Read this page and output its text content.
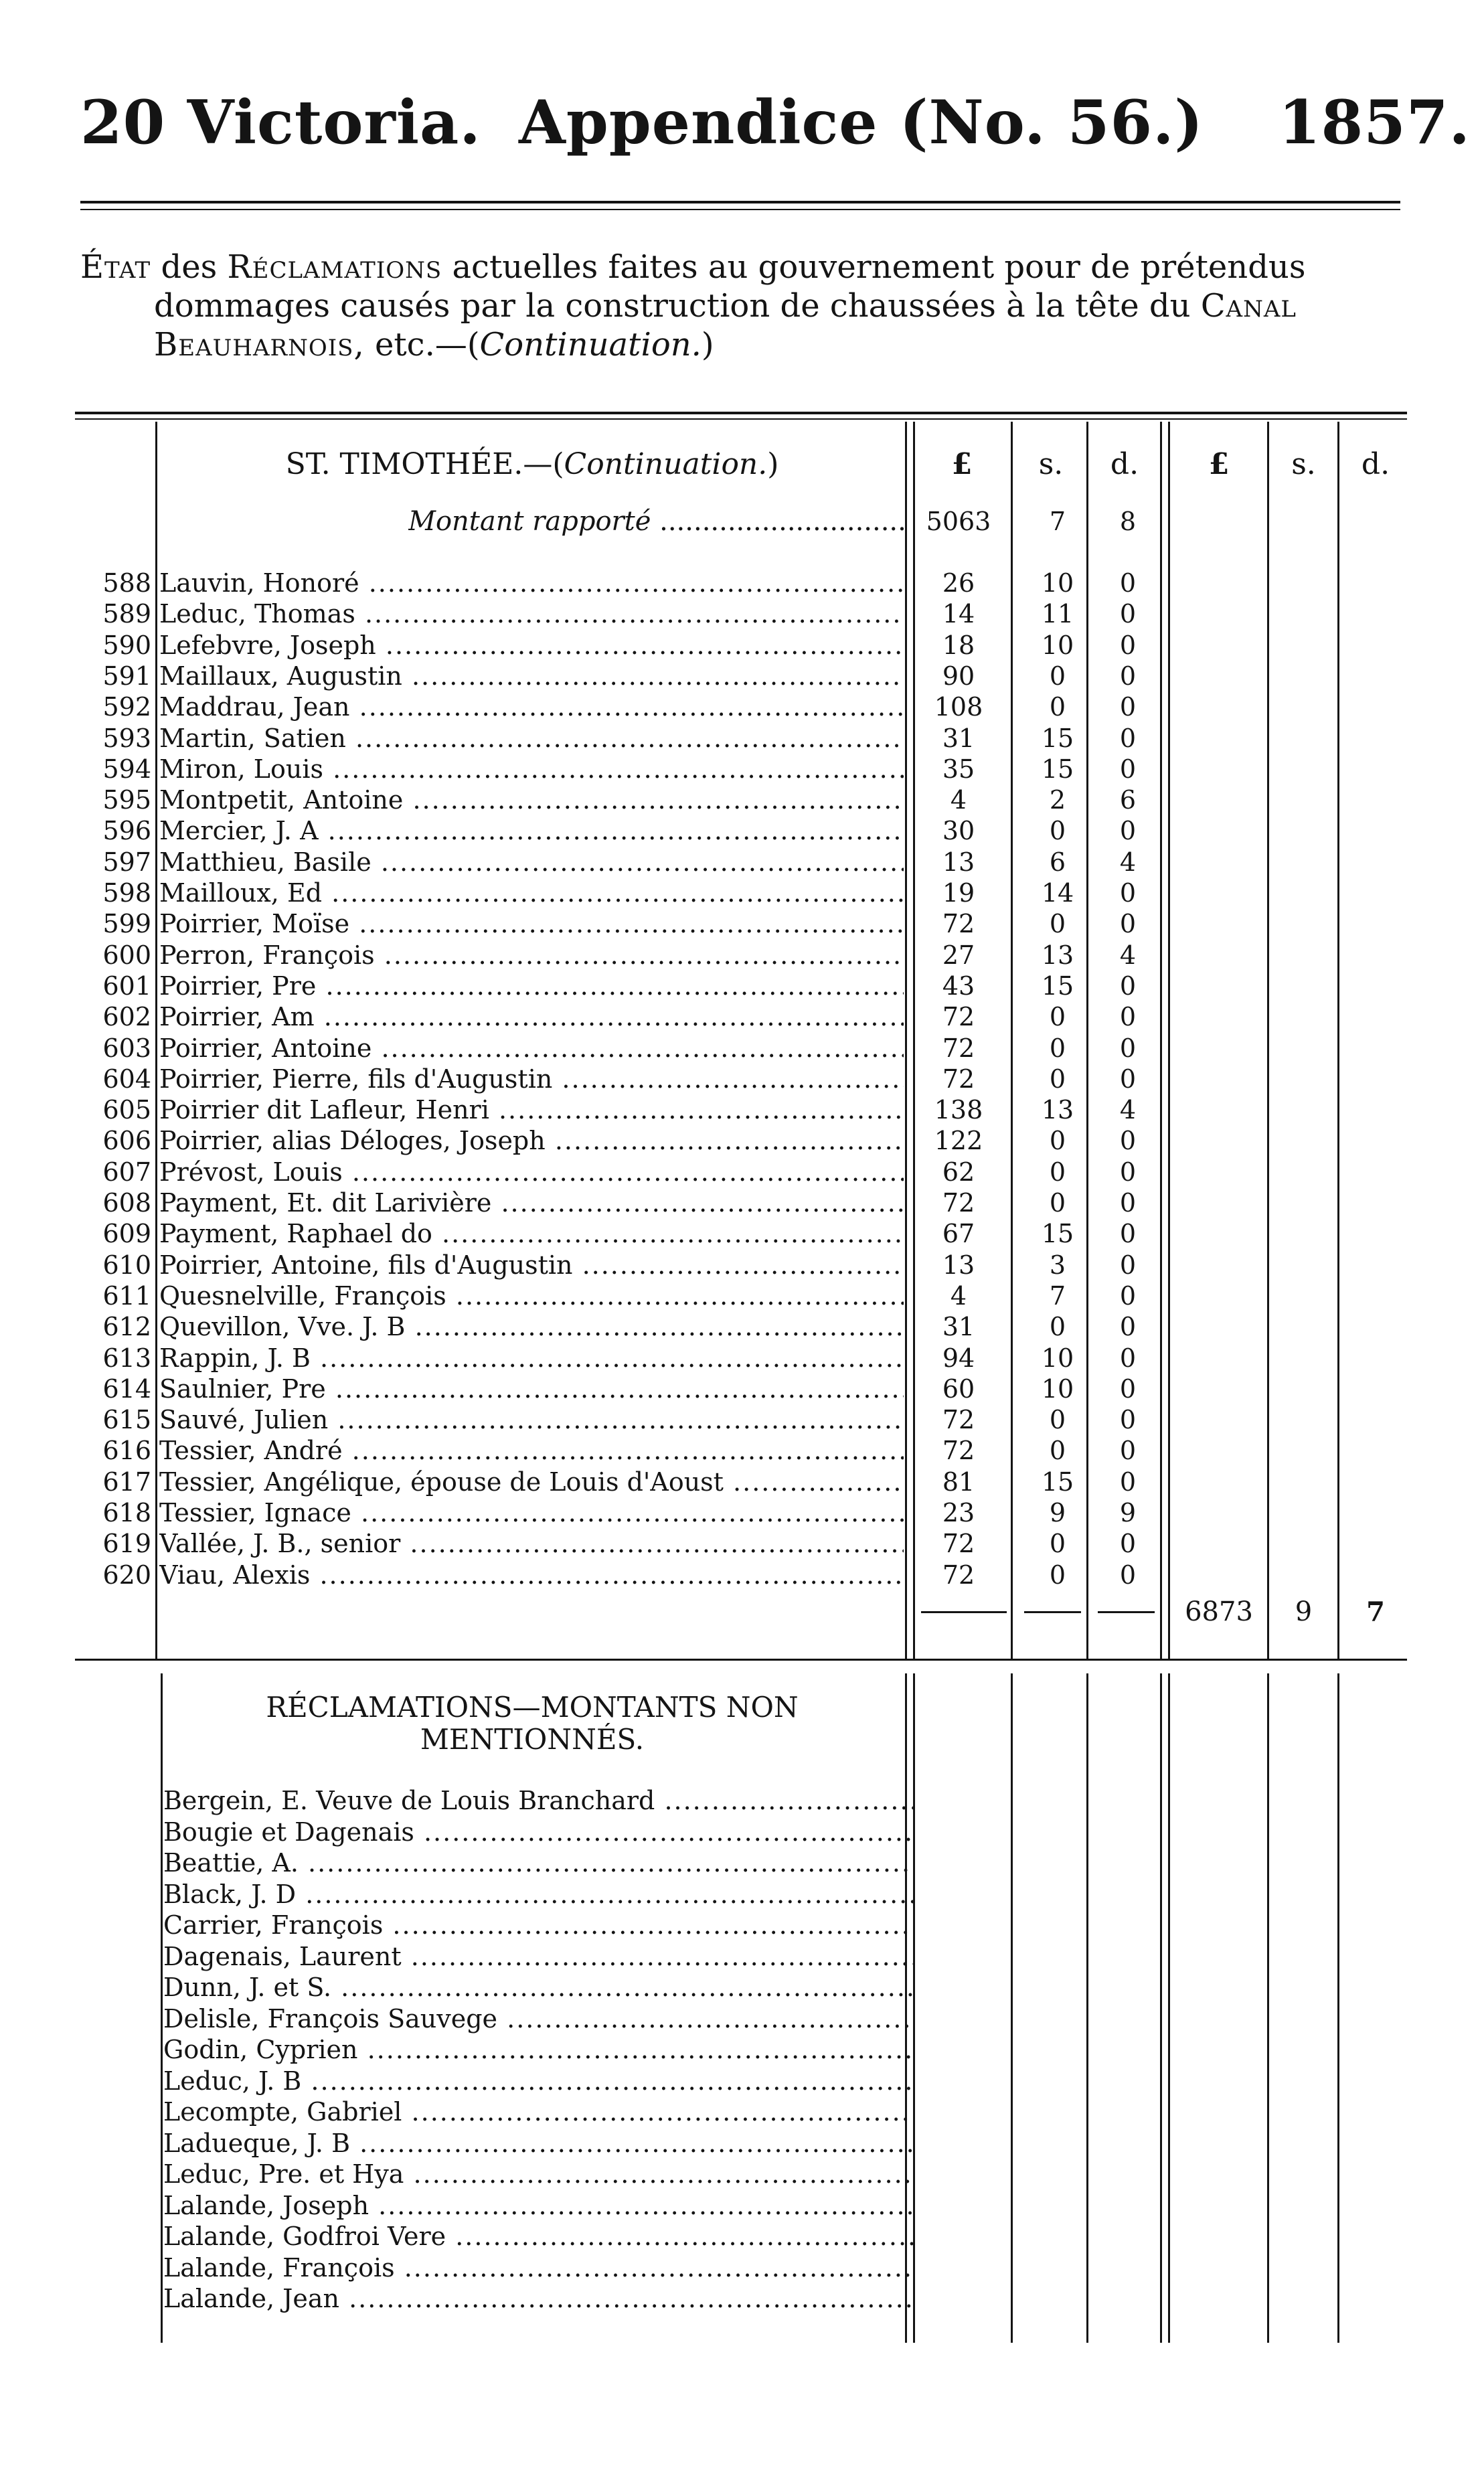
20 Victoria. Appendice (No. 56.) 1857.
État des Réclamations actuelles faites au gouvernement pour de prétendus
dommages causés par la construction de chaussées à la tête du Canal
Beauharnois, etc.—(Continuation.)
ST. TIMOTHÉE.—(Continuation.)	£	s.	d.	£	s.	d.
Montant rapporté .....	5063	7	8
588 Lauvin, Honoré .....	26	10	0
589 Leduc, Thomas .....	14	11	0
590 Lefebvre, Joseph .....	18	10	0
591 Maillaux, Augustin .....	90	0	0
592 Maddrau, Jean .....	108	0	0
593 Martin, Satien .....	31	15	0
594 Miron, Louis .....	35	15	0
595 Montpetit, Antoine .....	4	2	6
596 Mercier, J. A .....	30	0	0
597 Matthieu, Basile .....	13	6	4
598 Mailloux, Ed .....	19	14	0
599 Poirrier, Moïse .....	72	0	0
600 Perron, François .....	27	13	4
601 Poirrier, Pre .....	43	15	0
602 Poirrier, Am .....	72	0	0
603 Poirrier, Antoine .....	72	0	0
604 Poirrier, Pierre, fils d'Augustin .....	72	0	0
605 Poirrier dit Lafleur, Henri .....	138	13	4
606 Poirrier, alias Déloges, Joseph .....	122	0	0
607 Prévost, Louis .....	62	0	0
608 Payment, Et. dit Larivière .....	72	0	0
609 Payment, Raphael do .....	67	15	0
610 Poirrier, Antoine, fils d'Augustin .....	13	3	0
611 Quesnelville, François .....	4	7	0
612 Quevillon, Vve. J. B .....	31	0	0
613 Rappin, J. B .....	94	10	0
614 Saulnier, Pre .....	60	10	0
615 Sauvé, Julien .....	72	0	0
616 Tessier, André .....	72	0	0
617 Tessier, Angélique, épouse de Louis d'Aoust .....	81	15	0
618 Tessier, Ignace .....	23	9	9
619 Vallée, J. B., senior .....	72	0	0
620 Viau, Alexis .....	72	0	0
6873	9	7
RÉCLAMATIONS—MONTANTS NON MENTIONNÉS.
Bergein, E. Veuve de Louis Branchard .....
Bougie et Dagenais .....
Beattie, A. .....
Black, J. D .....
Carrier, François .....
Dagenais, Laurent .....
Dunn, J. et S. .....
Delisle, François Sauvege .....
Godin, Cyprien .....
Leduc, J. B .....
Lecompte, Gabriel .....
Ladueque, J. B .....
Leduc, Pre. et Hya .....
Lalande, Joseph .....
Lalande, Godfroi Vere .....
Lalande, François .....
Lalande, Jean .....
